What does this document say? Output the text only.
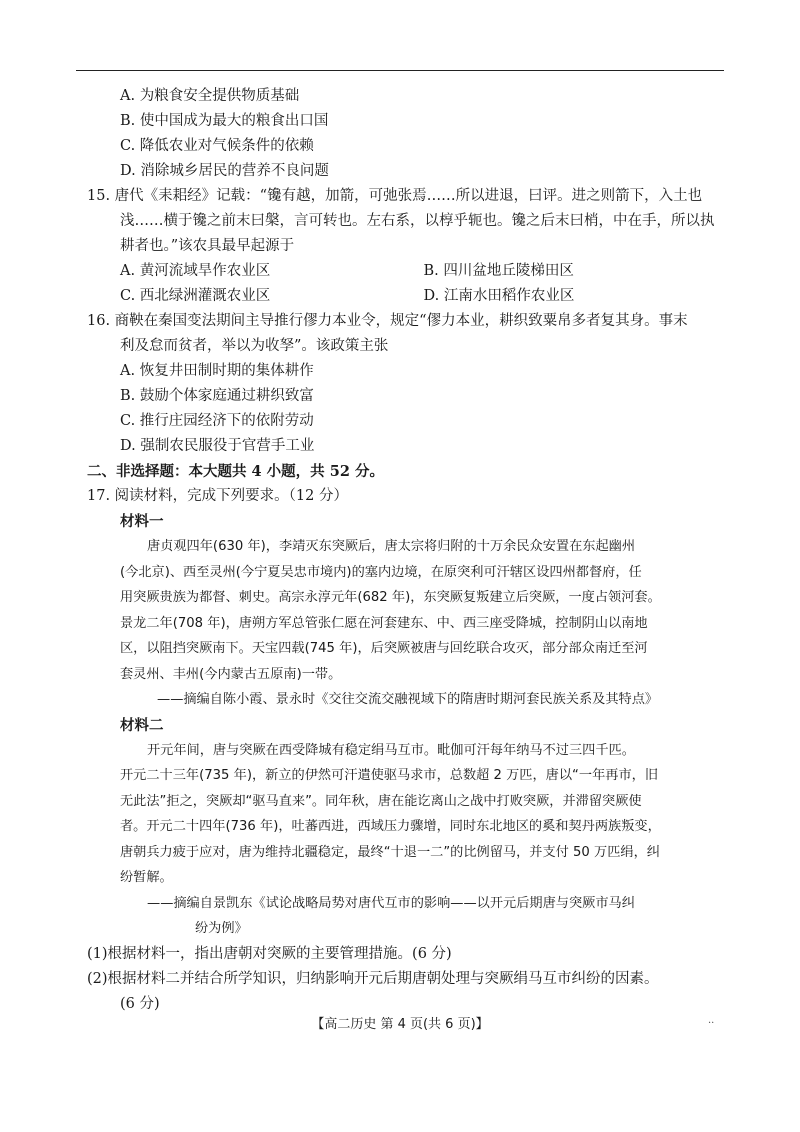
A. 为粮食安全提供物质基础
B. 使中国成为最大的粮食出口国
C. 降低农业对气候条件的依赖
D. 消除城乡居民的营养不良问题
15. 唐代《耒耜经》记载：“镵有越，加箭，可弛张焉……所以进退，曰评。进之则箭下，入土也
浅……横于镵之前末曰槃，言可转也。左右系，以椁乎轭也。镵之后末曰梢，中在手，所以执
耕者也。”该农具最早起源于
A. 黄河流域旱作农业区	B. 四川盆地丘陵梯田区
C. 西北绿洲灌溉农业区	D. 江南水田稻作农业区
16. 商鞅在秦国变法期间主导推行僇力本业令，规定“僇力本业，耕织致粟帛多者复其身。事末
利及怠而贫者，举以为收孥”。该政策主张
A. 恢复井田制时期的集体耕作
B. 鼓励个体家庭通过耕织致富
C. 推行庄园经济下的依附劳动
D. 强制农民服役于官营手工业
二、非选择题：本大题共 4 小题，共 52 分。
17. 阅读材料，完成下列要求。（12 分）
材料一
唐贞观四年(630 年)，李靖灭东突厥后，唐太宗将归附的十万余民众安置在东起幽州
(今北京)、西至灵州(今宁夏吴忠市境内)的塞内边境，在原突利可汗辖区设四州都督府，任
用突厥贵族为都督、刺史。高宗永淳元年(682 年)，东突厥复叛建立后突厥，一度占领河套。
景龙二年(708 年)，唐朔方军总管张仁愿在河套建东、中、西三座受降城，控制阴山以南地
区，以阻挡突厥南下。天宝四载(745 年)，后突厥被唐与回纥联合攻灭，部分部众南迁至河
套灵州、丰州(今内蒙古五原南)一带。
——摘编自陈小霞、景永时《交往交流交融视域下的隋唐时期河套民族关系及其特点》
材料二
开元年间，唐与突厥在西受降城有稳定绢马互市。毗伽可汗每年纳马不过三四千匹。
开元二十三年(735 年)，新立的伊然可汗遣使驱马求市，总数超 2 万匹，唐以“一年再市，旧
无此法”拒之，突厥却“驱马直来”。同年秋，唐在能讫离山之战中打败突厥，并滞留突厥使
者。开元二十四年(736 年)，吐蕃西进，西域压力骤增，同时东北地区的奚和契丹两族叛变，
唐朝兵力疲于应对，唐为维持北疆稳定，最终“十退一二”的比例留马，并支付 50 万匹绢，纠
纷暂解。
——摘编自景凯东《试论战略局势对唐代互市的影响——以开元后期唐与突厥市马纠
纷为例》
(1)根据材料一，指出唐朝对突厥的主要管理措施。(6 分)
(2)根据材料二并结合所学知识，归纳影响开元后期唐朝处理与突厥绢马互市纠纷的因素。
(6 分)
【高二历史 第 4 页(共 6 页)】	··
